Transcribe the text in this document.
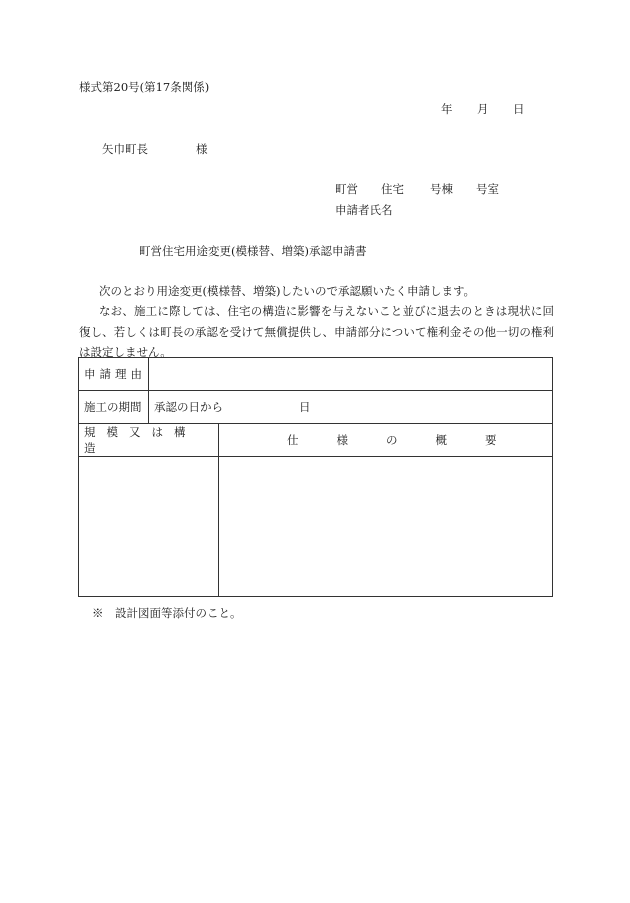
様式第20号(第17条関係)
年 月 日
矢巾町長	様
町営 住宅 号棟 号室
申請者氏名
町営住宅用途変更(模様替、増築)承認申請書
次のとおり用途変更(模様替、増築)したいので承認願いたく申請します。
なお、施工に際しては、住宅の構造に影響を与えないこと並びに退去のときは現状に回復し、若しくは町長の承認を受けて無償提供し、申請部分について権利金その他一切の権利は設定しません。
申請理由		
施工の期間	承認の日から 日	
規模又は構造		仕様の概要

※　設計図面等添付のこと。
